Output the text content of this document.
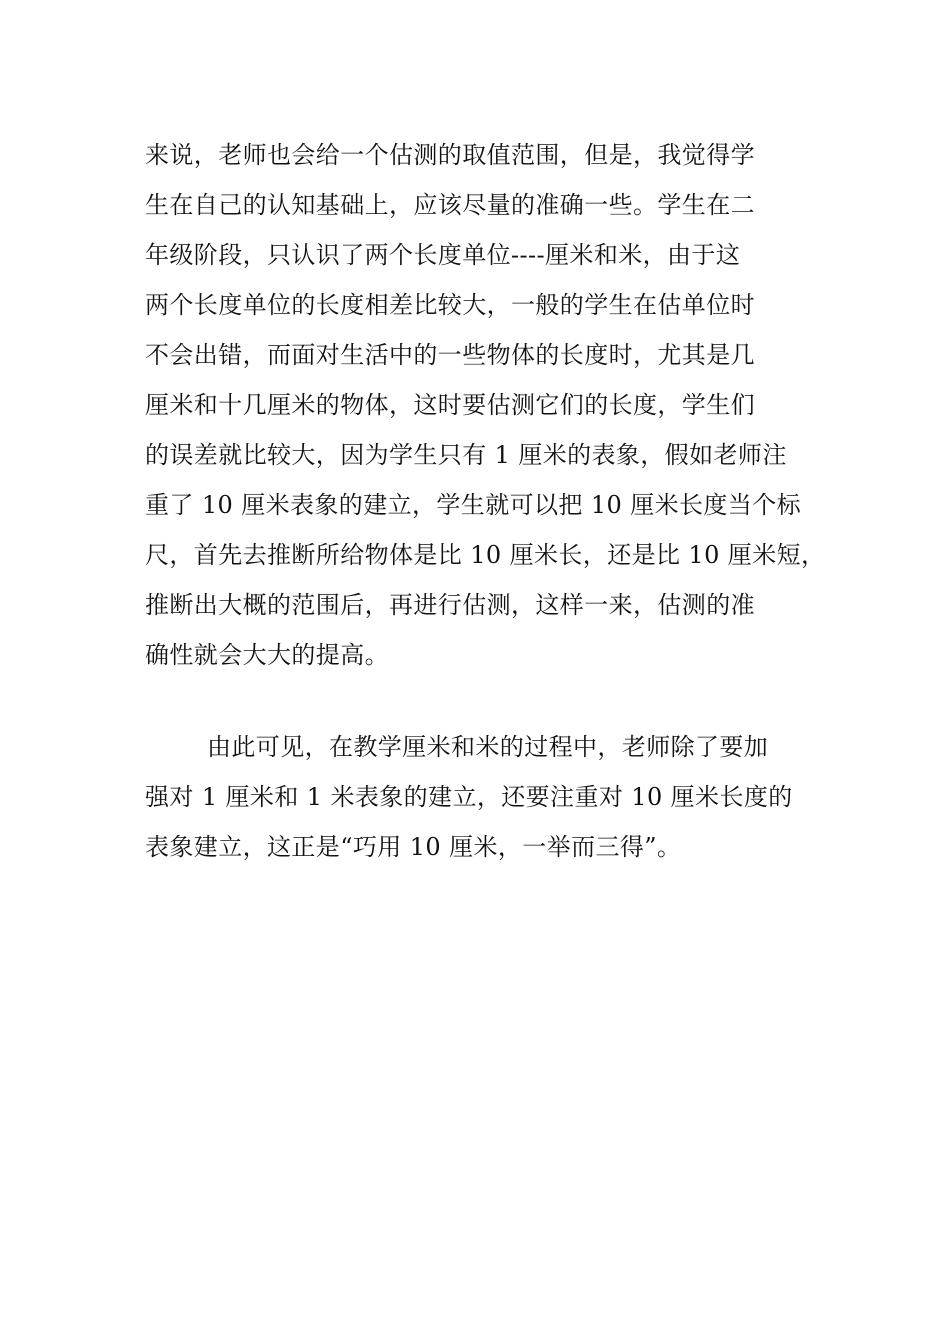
来说，老师也会给一个估测的取值范围，但是，我觉得学
生在自己的认知基础上，应该尽量的准确一些。学生在二
年级阶段，只认识了两个长度单位----厘米和米，由于这
两个长度单位的长度相差比较大，一般的学生在估单位时
不会出错，而面对生活中的一些物体的长度时，尤其是几
厘米和十几厘米的物体，这时要估测它们的长度，学生们
的误差就比较大，因为学生只有 1 厘米的表象，假如老师注
重了 10 厘米表象的建立，学生就可以把 10 厘米长度当个标
尺，首先去推断所给物体是比 10 厘米长，还是比 10 厘米短，
推断出大概的范围后，再进行估测，这样一来，估测的准
确性就会大大的提高。
由此可见，在教学厘米和米的过程中，老师除了要加
强对 1 厘米和 1 米表象的建立，还要注重对 10 厘米长度的
表象建立，这正是“巧用 10 厘米，一举而三得”。
